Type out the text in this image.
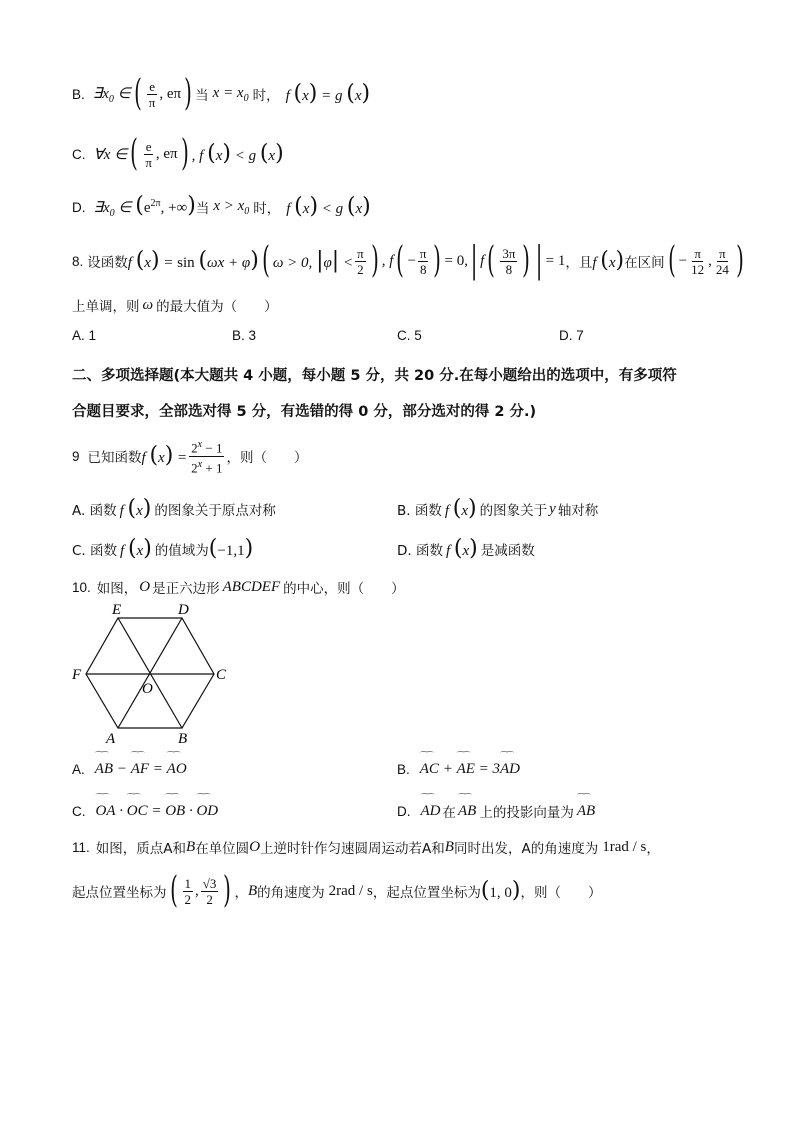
B. $\exists x_0$ ∈ ( $\frac{e}{\pi}$ , eπ ) 当 $x = x_0$ 时， f (x) = g (x)
C. ∀x ∈ ( $\frac{e}{\pi}$ , eπ ) , f (x) < g (x)
D. $\exists x_0$ ∈ ($e^{2\pi}$, +∞) 当 $x > x_0$ 时， f (x) < g (x)
8. 设函数 f (x) = sin (ωx + φ) ( ω > 0, $|\varphi| < \frac{\pi}{2}$ ) , f ( − $\frac{\pi}{8}$ ) = 0, | f ( $\frac{3\pi}{8}$ ) | = 1 ，且 f (x) 在区间 ( − $\frac{\pi}{12}$ , $\frac{\pi}{24}$ )
上单调，则 ω 的最大值为（　　）
A. 1	B. 3	C. 5	D. 7
二、多项选择题(本大题共 4 小题，每小题 5 分，共 20 分.在每小题给出的选项中，有多项符
合题目要求，全部选对得 5 分，有选错的得 0 分，部分选对的得 2 分.)
9 已知函数 f $(x) = \frac{2^x - 1}{2^x + 1}$ ，则（　　）
A. 函数 f (x) 的图象关于原点对称	B. 函数 f (x) 的图象关于 y 轴对称
C. 函数 f (x) 的值域为 (−1,1)	D. 函数 f (x) 是减函数
10. 如图， O 是正六边形 ABCDEF 的中心，则（　　）
E	D
F	C
O
A	B
A. ⌒⌒ AB − ⌒⌒ AF = ⌒⌒ AO	B. ⌒⌒ AC + ⌒⌒ AE = 3⌒⌒ AD
C. ⌒⌒ OA · ⌒⌒ OC = ⌒⌒ OB · ⌒⌒ OD	D. ⌒⌒ AD 在 ⌒⌒ AB 上的投影向量为 ⌒⌒ AB
11. 如图，质点A和 B 在单位圆 O 上逆时针作匀速圆周运动若A和 B 同时出发，A的角速度为 1rad / s ，
起点位置坐标为 ( $\frac{1}{2}$ , $\frac{√3}{2}$ ) ， B 的角速度为 2rad / s ，起点位置坐标为 (1, 0) ，则（　　）
